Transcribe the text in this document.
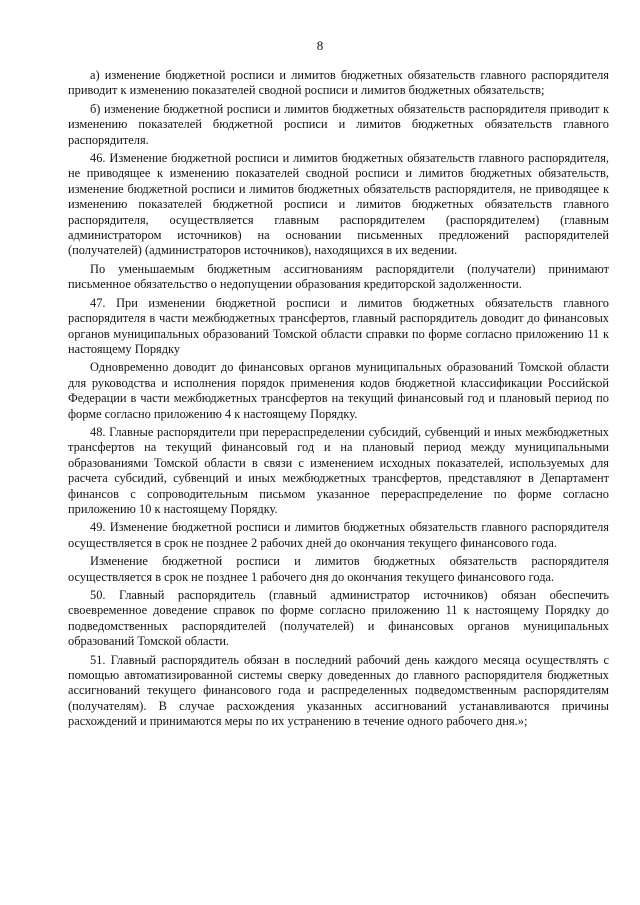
8

а) изменение бюджетной росписи и лимитов бюджетных обязательств главного распорядителя приводит к изменению показателей сводной росписи и лимитов бюджетных обязательств;

б) изменение бюджетной росписи и лимитов бюджетных обязательств распорядителя приводит к изменению показателей бюджетной росписи и лимитов бюджетных обязательств главного распорядителя.

46. Изменение бюджетной росписи и лимитов бюджетных обязательств главного распорядителя, не приводящее к изменению показателей сводной росписи и лимитов бюджетных обязательств, изменение бюджетной росписи и лимитов бюджетных обязательств распорядителя, не приводящее к изменению показателей бюджетной росписи и лимитов бюджетных обязательств главного распорядителя, осуществляется главным распорядителем (распорядителем) (главным администратором источников) на основании письменных предложений распорядителей (получателей) (администраторов источников), находящихся в их ведении.

По уменьшаемым бюджетным ассигнованиям распорядители (получатели) принимают письменное обязательство о недопущении образования кредиторской задолженности.

47. При изменении бюджетной росписи и лимитов бюджетных обязательств главного распорядителя в части межбюджетных трансфертов, главный распорядитель доводит до финансовых органов муниципальных образований Томской области справки по форме согласно приложению 11 к настоящему Порядку

Одновременно доводит до финансовых органов муниципальных образований Томской области для руководства и исполнения порядок применения кодов бюджетной классификации Российской Федерации в части межбюджетных трансфертов на текущий финансовый год и плановый период по форме согласно приложению 4 к настоящему Порядку.

48. Главные распорядители при перераспределении субсидий, субвенций и иных межбюджетных трансфертов на текущий финансовый год и на плановый период между муниципальными образованиями Томской области в связи с изменением исходных показателей, используемых для расчета субсидий, субвенций и иных межбюджетных трансфертов, представляют в Департамент финансов с сопроводительным письмом указанное перераспределение по форме согласно приложению 10 к настоящему Порядку.

49. Изменение бюджетной росписи и лимитов бюджетных обязательств главного распорядителя осуществляется в срок не позднее 2 рабочих дней до окончания текущего финансового года.

Изменение бюджетной росписи и лимитов бюджетных обязательств распорядителя осуществляется в срок не позднее 1 рабочего дня до окончания текущего финансового года.

50. Главный распорядитель (главный администратор источников) обязан обеспечить своевременное доведение справок по форме согласно приложению 11 к настоящему Порядку до подведомственных распорядителей (получателей) и финансовых органов муниципальных образований Томской области.

51. Главный распорядитель обязан в последний рабочий день каждого месяца осуществлять с помощью автоматизированной системы сверку доведенных до главного распорядителя бюджетных ассигнований текущего финансового года и распределенных подведомственным распорядителям (получателям). В случае расхождения указанных ассигнований устанавливаются причины расхождений и принимаются меры по их устранению в течение одного рабочего дня.»;
